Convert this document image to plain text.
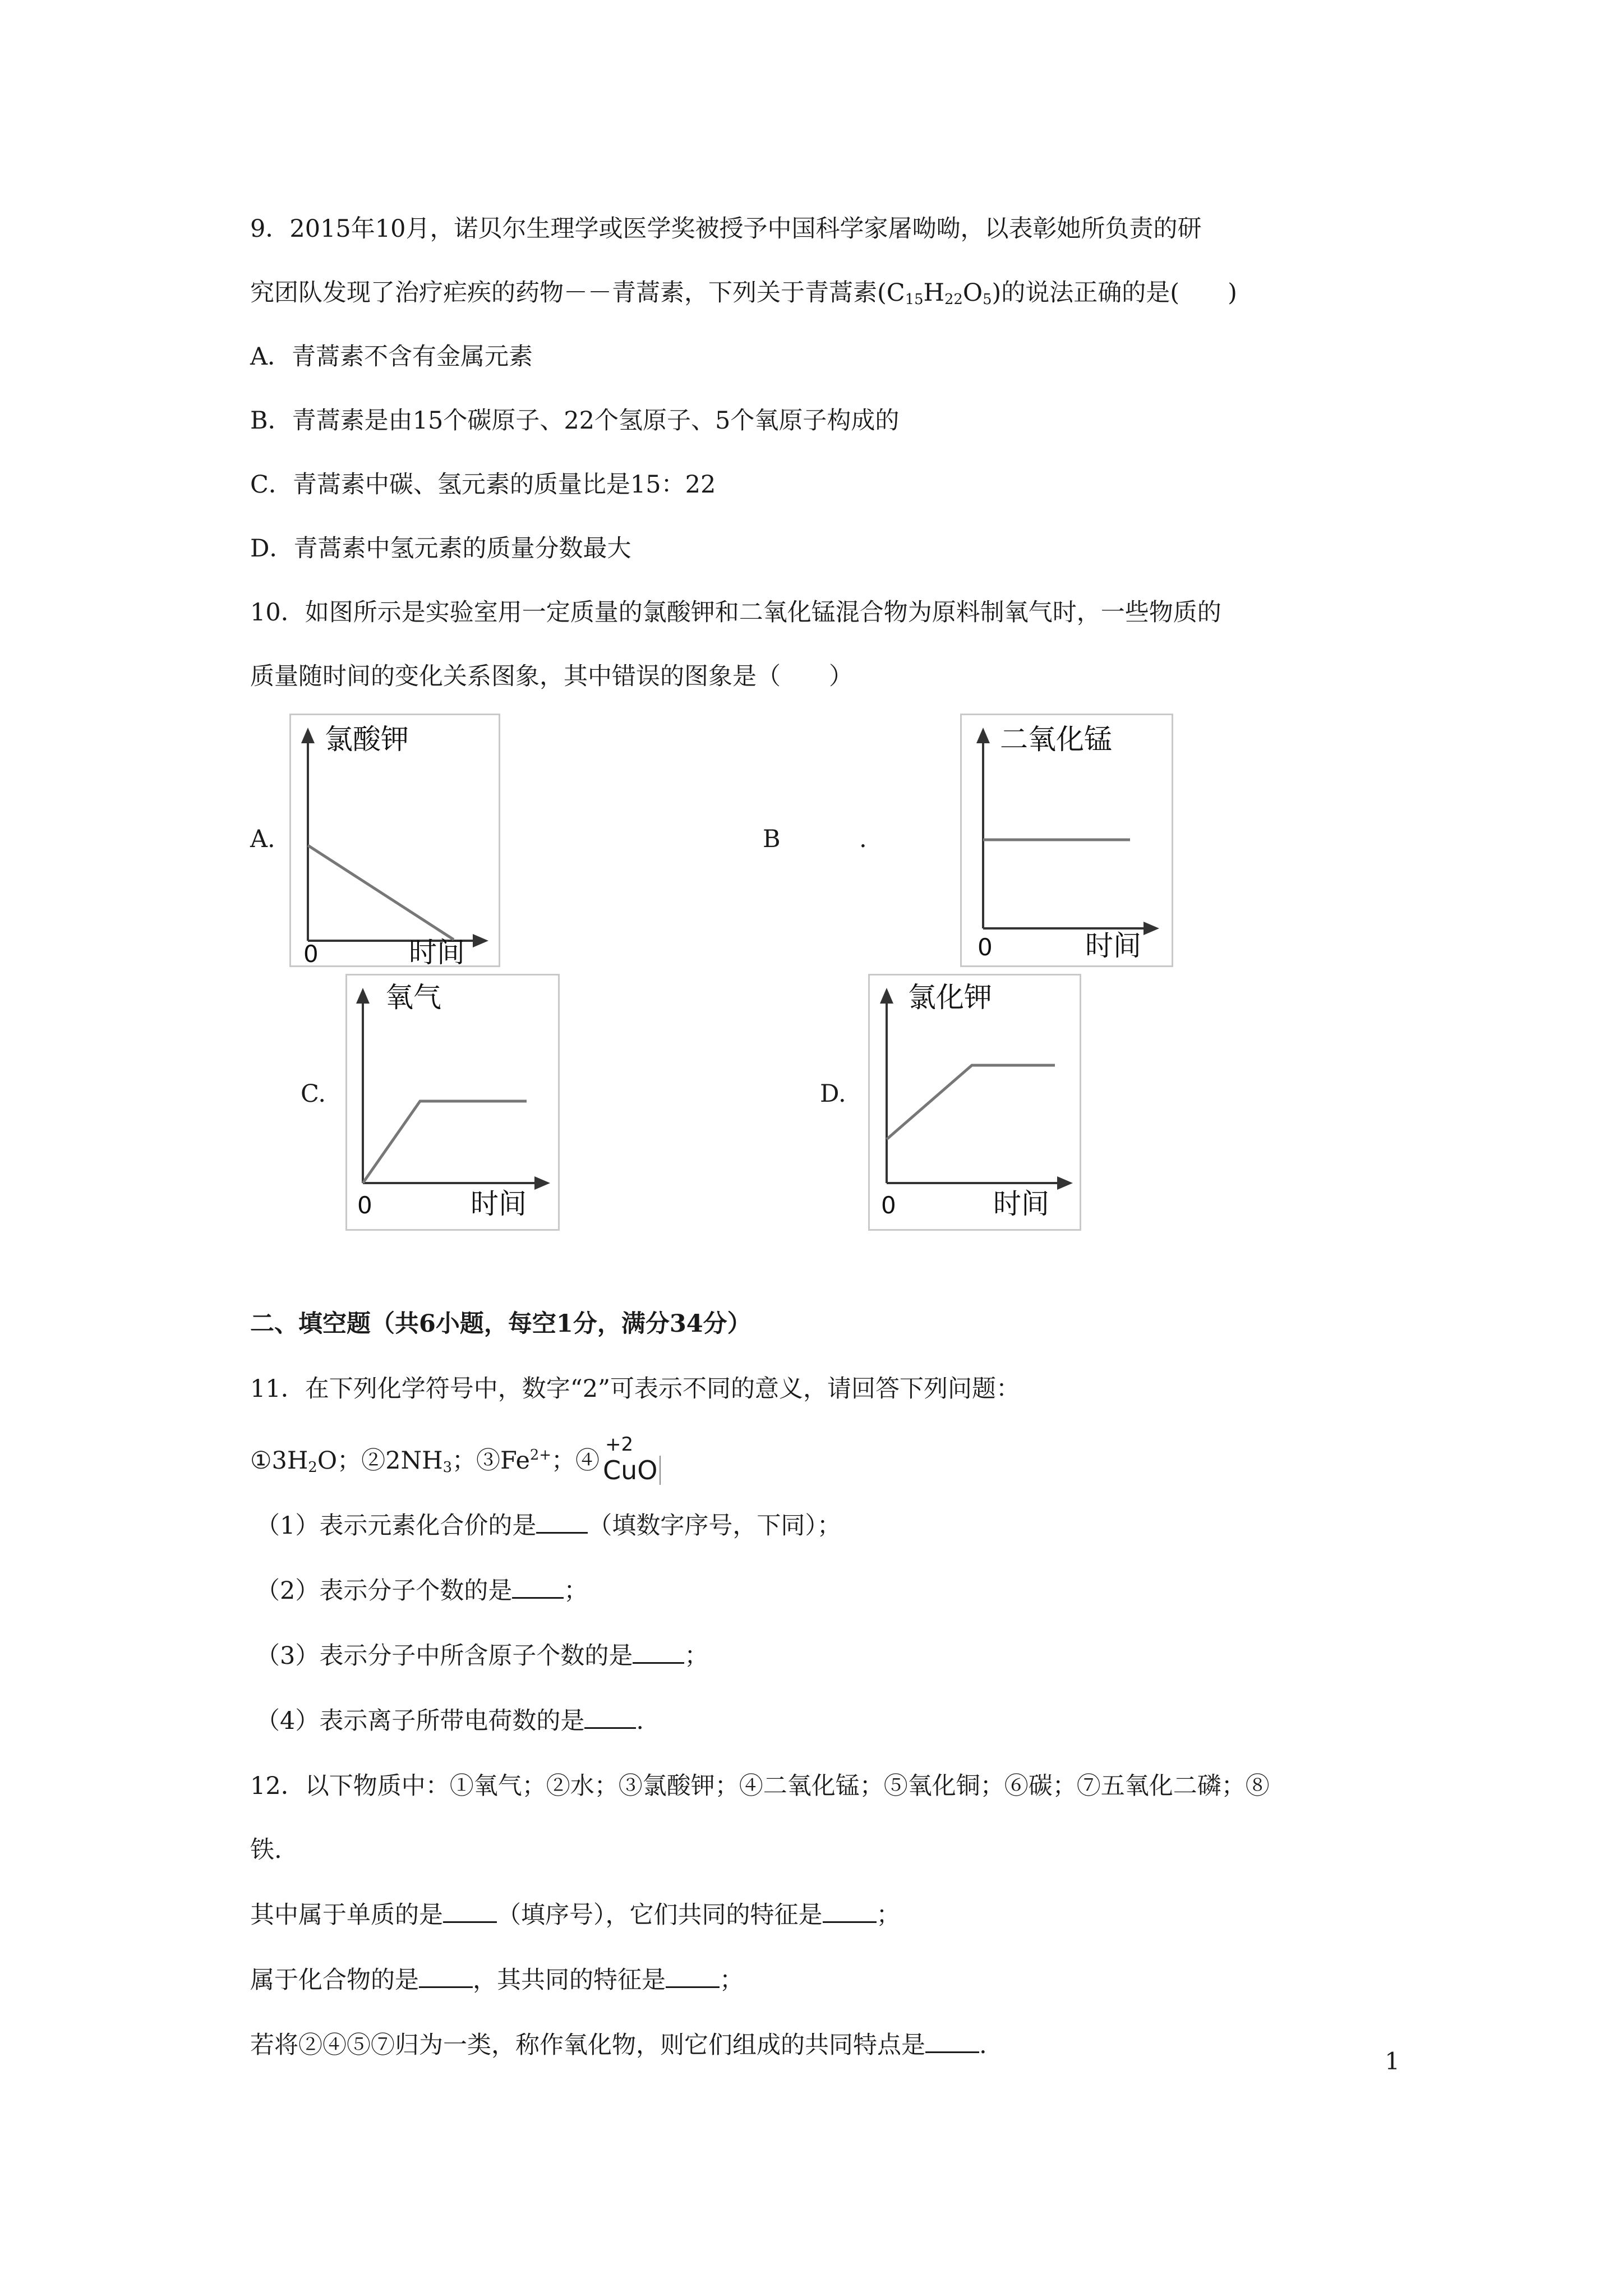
9．2015年10月，诺贝尔生理学或医学奖被授予中国科学家屠呦呦，以表彰她所负责的研
究团队发现了治疗疟疾的药物－－青蒿素，下列关于青蒿素$(C_{15}H_{22}O_5)$的说法正确的是(　　)
A．青蒿素不含有金属元素
B．青蒿素是由15个碳原子、22个氢原子、5个氧原子构成的
C．青蒿素中碳、氢元素的质量比是15：22
D．青蒿素中氢元素的质量分数最大
10．如图所示是实验室用一定质量的氯酸钾和二氧化锰混合物为原料制氧气时，一些物质的
质量随时间的变化关系图象，其中错误的图象是（　　）
A.	B	.
C.	D.
氯酸钾
0	时间
二氧化锰
0	时间
氧气
0	时间
氯化钾
0	时间
二、填空题（共6小题，每空1分，满分34分）
11．在下列化学符号中，数字“2”可表示不同的意义，请回答下列问题：
$①3H_2O$；$②2NH_3$；$③Fe^{2+}$；④
+2
CuO
（1）表示元素化合价的是 （填数字序号，下同）；
（2）表示分子个数的是 ；
（3）表示分子中所含原子个数的是 ；
（4）表示离子所带电荷数的是 .
12．以下物质中：①氧气；②水；③氯酸钾；④二氧化锰；⑤氧化铜；⑥碳；⑦五氧化二磷；⑧
铁.
其中属于单质的是 （填序号），它们共同的特征是 ；
属于化合物的是 ，其共同的特征是 ；
若将②④⑤⑦归为一类，称作氧化物，则它们组成的共同特点是 .
1
